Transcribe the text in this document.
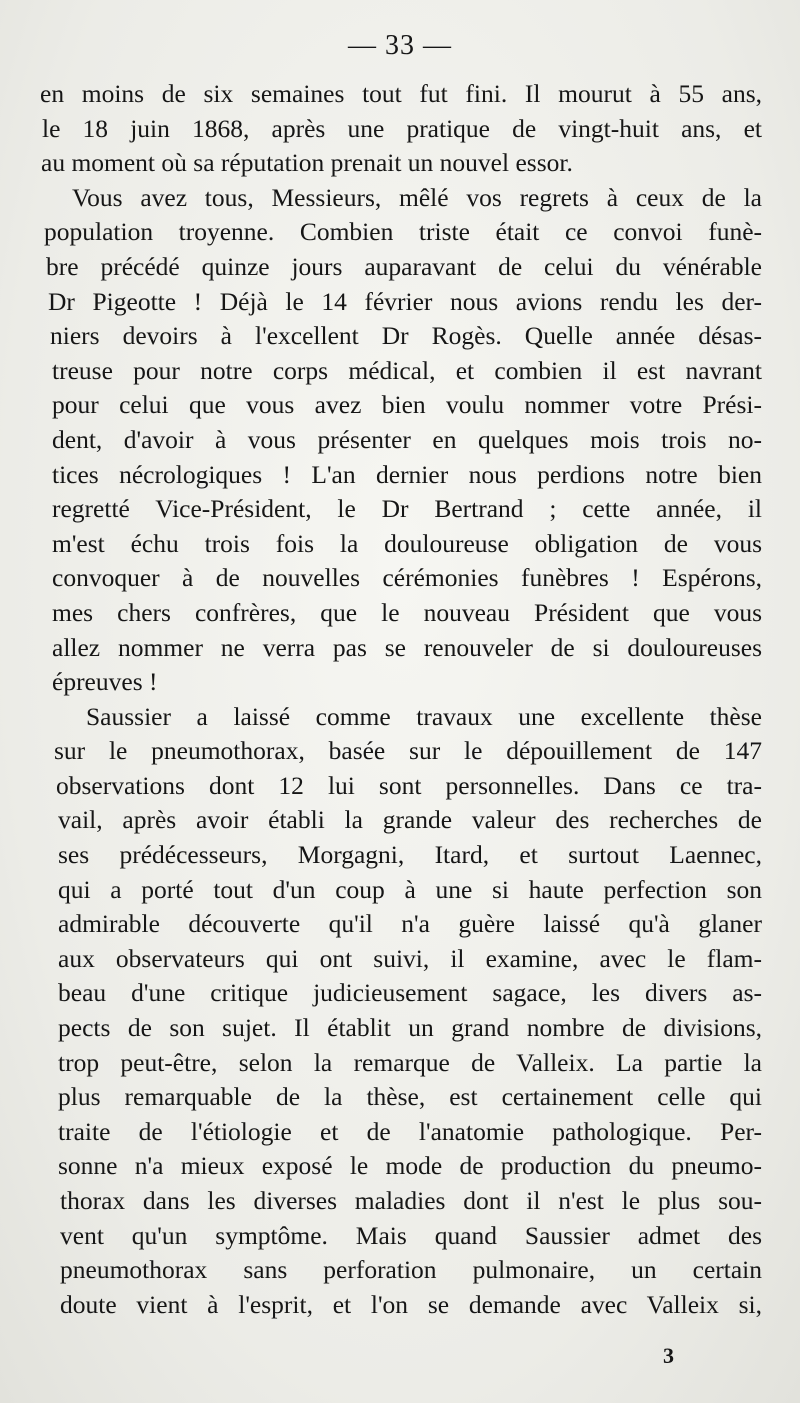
— 33 —
en moins de six semaines tout fut fini. Il mourut à 55 ans,
le 18 juin 1868, après une pratique de vingt-huit ans, et
au moment où sa réputation prenait un nouvel essor.
Vous avez tous, Messieurs, mêlé vos regrets à ceux de la
population troyenne. Combien triste était ce convoi funè-
bre précédé quinze jours auparavant de celui du vénérable
Dr Pigeotte ! Déjà le 14 février nous avions rendu les der-
niers devoirs à l'excellent Dr Rogès. Quelle année désas-
treuse pour notre corps médical, et combien il est navrant
pour celui que vous avez bien voulu nommer votre Prési-
dent, d'avoir à vous présenter en quelques mois trois no-
tices nécrologiques ! L'an dernier nous perdions notre bien
regretté Vice-Président, le Dr Bertrand ; cette année, il
m'est échu trois fois la douloureuse obligation de vous
convoquer à de nouvelles cérémonies funèbres ! Espérons,
mes chers confrères, que le nouveau Président que vous
allez nommer ne verra pas se renouveler de si douloureuses
épreuves !
Saussier a laissé comme travaux une excellente thèse
sur le pneumothorax, basée sur le dépouillement de 147
observations dont 12 lui sont personnelles. Dans ce tra-
vail, après avoir établi la grande valeur des recherches de
ses prédécesseurs, Morgagni, Itard, et surtout Laennec,
qui a porté tout d'un coup à une si haute perfection son
admirable découverte qu'il n'a guère laissé qu'à glaner
aux observateurs qui ont suivi, il examine, avec le flam-
beau d'une critique judicieusement sagace, les divers as-
pects de son sujet. Il établit un grand nombre de divisions,
trop peut-être, selon la remarque de Valleix. La partie la
plus remarquable de la thèse, est certainement celle qui
traite de l'étiologie et de l'anatomie pathologique. Per-
sonne n'a mieux exposé le mode de production du pneumo-
thorax dans les diverses maladies dont il n'est le plus sou-
vent qu'un symptôme. Mais quand Saussier admet des
pneumothorax sans perforation pulmonaire, un certain
doute vient à l'esprit, et l'on se demande avec Valleix si,
3
